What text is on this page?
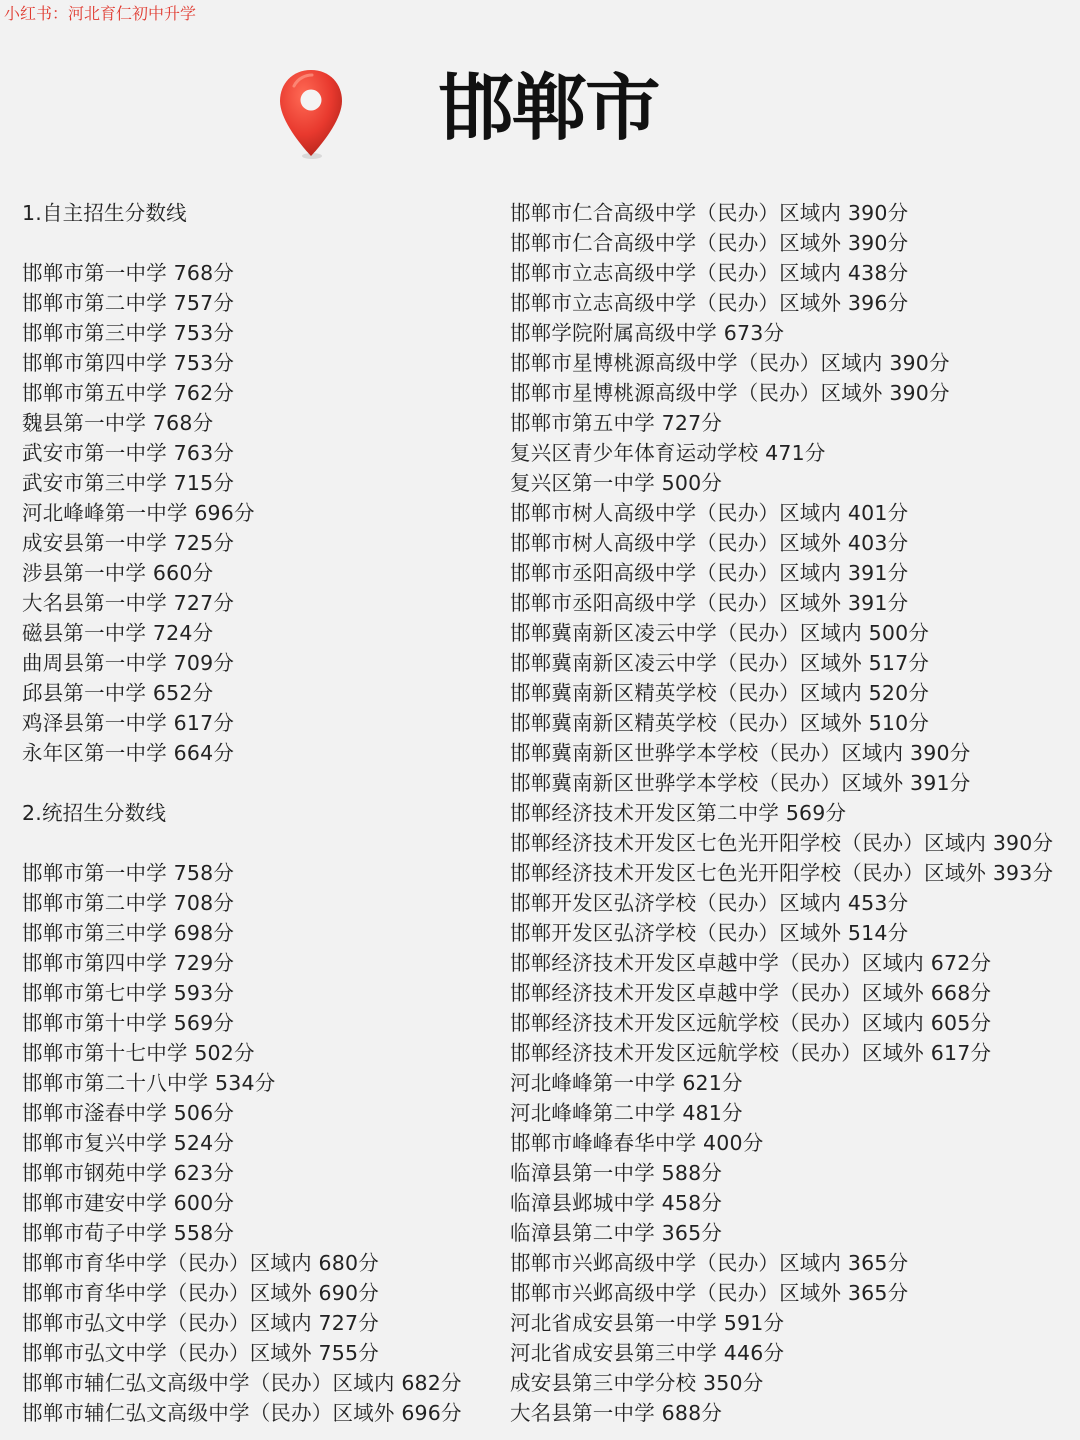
小红书：河北育仁初中升学
邯郸市
1.自主招生分数线
邯郸市第一中学 768分
邯郸市第二中学 757分
邯郸市第三中学 753分
邯郸市第四中学 753分
邯郸市第五中学 762分
魏县第一中学 768分
武安市第一中学 763分
武安市第三中学 715分
河北峰峰第一中学 696分
成安县第一中学 725分
涉县第一中学 660分
大名县第一中学 727分
磁县第一中学 724分
曲周县第一中学 709分
邱县第一中学 652分
鸡泽县第一中学 617分
永年区第一中学 664分
2.统招生分数线
邯郸市第一中学 758分
邯郸市第二中学 708分
邯郸市第三中学 698分
邯郸市第四中学 729分
邯郸市第七中学 593分
邯郸市第十中学 569分
邯郸市第十七中学 502分
邯郸市第二十八中学 534分
邯郸市滏春中学 506分
邯郸市复兴中学 524分
邯郸市钢苑中学 623分
邯郸市建安中学 600分
邯郸市荀子中学 558分
邯郸市育华中学（民办）区域内 680分
邯郸市育华中学（民办）区域外 690分
邯郸市弘文中学（民办）区域内 727分
邯郸市弘文中学（民办）区域外 755分
邯郸市辅仁弘文高级中学（民办）区域内 682分
邯郸市辅仁弘文高级中学（民办）区域外 696分
邯郸市仁合高级中学（民办）区域内 390分
邯郸市仁合高级中学（民办）区域外 390分
邯郸市立志高级中学（民办）区域内 438分
邯郸市立志高级中学（民办）区域外 396分
邯郸学院附属高级中学 673分
邯郸市星博桃源高级中学（民办）区域内 390分
邯郸市星博桃源高级中学（民办）区域外 390分
邯郸市第五中学 727分
复兴区青少年体育运动学校 471分
复兴区第一中学 500分
邯郸市树人高级中学（民办）区域内 401分
邯郸市树人高级中学（民办）区域外 403分
邯郸市丞阳高级中学（民办）区域内 391分
邯郸市丞阳高级中学（民办）区域外 391分
邯郸冀南新区凌云中学（民办）区域内 500分
邯郸冀南新区凌云中学（民办）区域外 517分
邯郸冀南新区精英学校（民办）区域内 520分
邯郸冀南新区精英学校（民办）区域外 510分
邯郸冀南新区世骅学本学校（民办）区域内 390分
邯郸冀南新区世骅学本学校（民办）区域外 391分
邯郸经济技术开发区第二中学 569分
邯郸经济技术开发区七色光开阳学校（民办）区域内 390分
邯郸经济技术开发区七色光开阳学校（民办）区域外 393分
邯郸开发区弘济学校（民办）区域内 453分
邯郸开发区弘济学校（民办）区域外 514分
邯郸经济技术开发区卓越中学（民办）区域内 672分
邯郸经济技术开发区卓越中学（民办）区域外 668分
邯郸经济技术开发区远航学校（民办）区域内 605分
邯郸经济技术开发区远航学校（民办）区域外 617分
河北峰峰第一中学 621分
河北峰峰第二中学 481分
邯郸市峰峰春华中学 400分
临漳县第一中学 588分
临漳县邺城中学 458分
临漳县第二中学 365分
邯郸市兴邺高级中学（民办）区域内 365分
邯郸市兴邺高级中学（民办）区域外 365分
河北省成安县第一中学 591分
河北省成安县第三中学 446分
成安县第三中学分校 350分
大名县第一中学 688分
